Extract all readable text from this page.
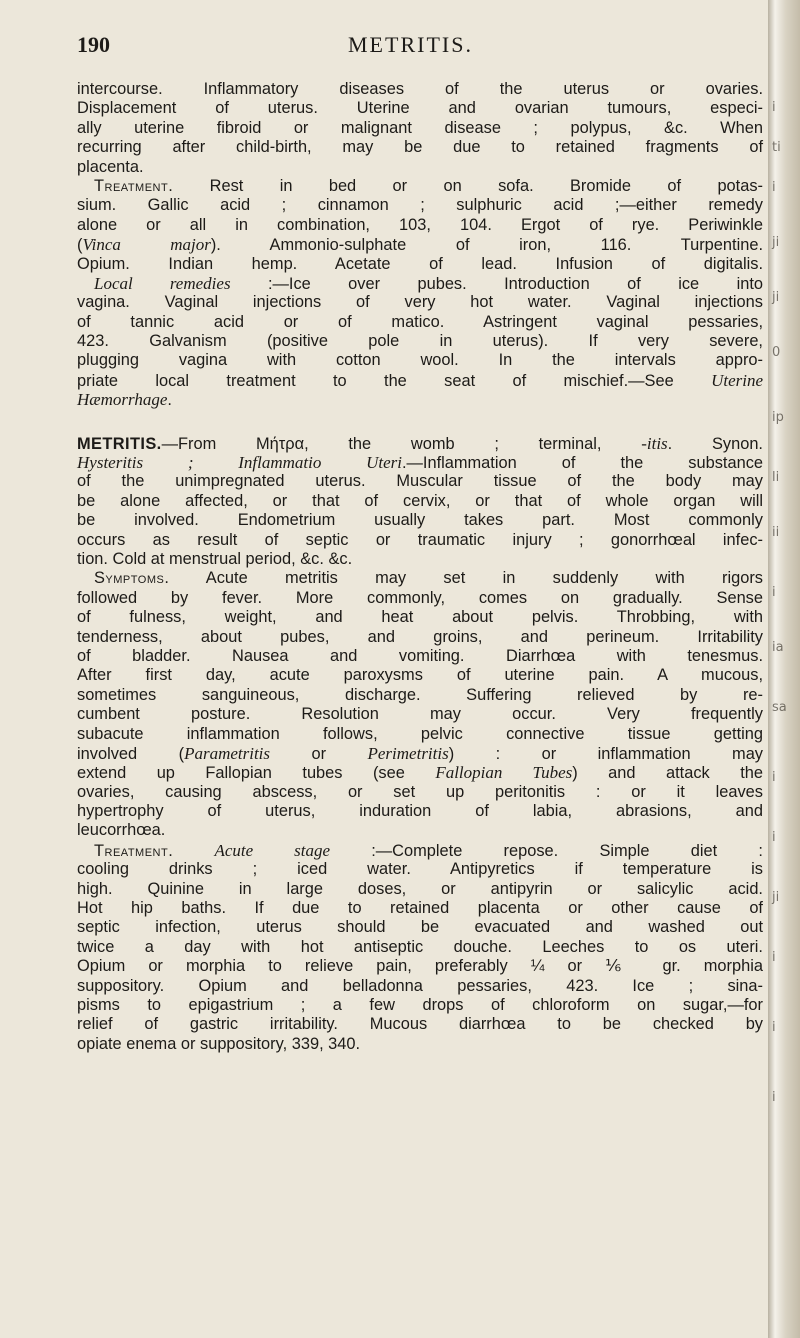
190	METRITIS.
intercourse. Inflammatory diseases of the uterus or ovaries.
Displacement of uterus. Uterine and ovarian tumours, especi-
ally uterine fibroid or malignant disease ; polypus, &c. When
recurring after child-birth, may be due to retained fragments of
placenta.
Treatment. Rest in bed or on sofa. Bromide of potas-
sium. Gallic acid ; cinnamon ; sulphuric acid ;—either remedy
alone or all in combination, 103, 104. Ergot of rye. Periwinkle
(Vinca major). Ammonio-sulphate of iron, 116. Turpentine.
Opium. Indian hemp. Acetate of lead. Infusion of digitalis.
Local remedies :—Ice over pubes. Introduction of ice into
vagina. Vaginal injections of very hot water. Vaginal injections
of tannic acid or of matico. Astringent vaginal pessaries,
423. Galvanism (positive pole in uterus). If very severe,
plugging vagina with cotton wool. In the intervals appro-
priate local treatment to the seat of mischief.—See Uterine
Hæmorrhage.
METRITIS.—From Μήτρα, the womb ; terminal, -itis. Synon.
Hysteritis ; Inflammatio Uteri.—Inflammation of the substance
of the unimpregnated uterus. Muscular tissue of the body may
be alone affected, or that of cervix, or that of whole organ will
be involved. Endometrium usually takes part. Most commonly
occurs as result of septic or traumatic injury ; gonorrhœal infec-
tion. Cold at menstrual period, &c. &c.
Symptoms. Acute metritis may set in suddenly with rigors
followed by fever. More commonly, comes on gradually. Sense
of fulness, weight, and heat about pelvis. Throbbing, with
tenderness, about pubes, and groins, and perineum. Irritability
of bladder. Nausea and vomiting. Diarrhœa with tenesmus.
After first day, acute paroxysms of uterine pain. A mucous,
sometimes sanguineous, discharge. Suffering relieved by re-
cumbent posture. Resolution may occur. Very frequently
subacute inflammation follows, pelvic connective tissue getting
involved (Parametritis or Perimetritis) : or inflammation may
extend up Fallopian tubes (see Fallopian Tubes) and attack the
ovaries, causing abscess, or set up peritonitis : or it leaves
hypertrophy of uterus, induration of labia, abrasions, and
leucorrhœa.
Treatment. Acute stage :—Complete repose. Simple diet :
cooling drinks ; iced water. Antipyretics if temperature is
high. Quinine in large doses, or antipyrin or salicylic acid.
Hot hip baths. If due to retained placenta or other cause of
septic infection, uterus should be evacuated and washed out
twice a day with hot antiseptic douche. Leeches to os uteri.
Opium or morphia to relieve pain, preferably ¼ or ⅙ gr. morphia
suppository. Opium and belladonna pessaries, 423. Ice ; sina-
pisms to epigastrium ; a few drops of chloroform on sugar,—for
relief of gastric irritability. Mucous diarrhœa to be checked by
opiate enema or suppository, 339, 340.
i
ti
i
ji
ji
0
ip
li
ii
i
ia
sa
i
i
ji
i
i
i
